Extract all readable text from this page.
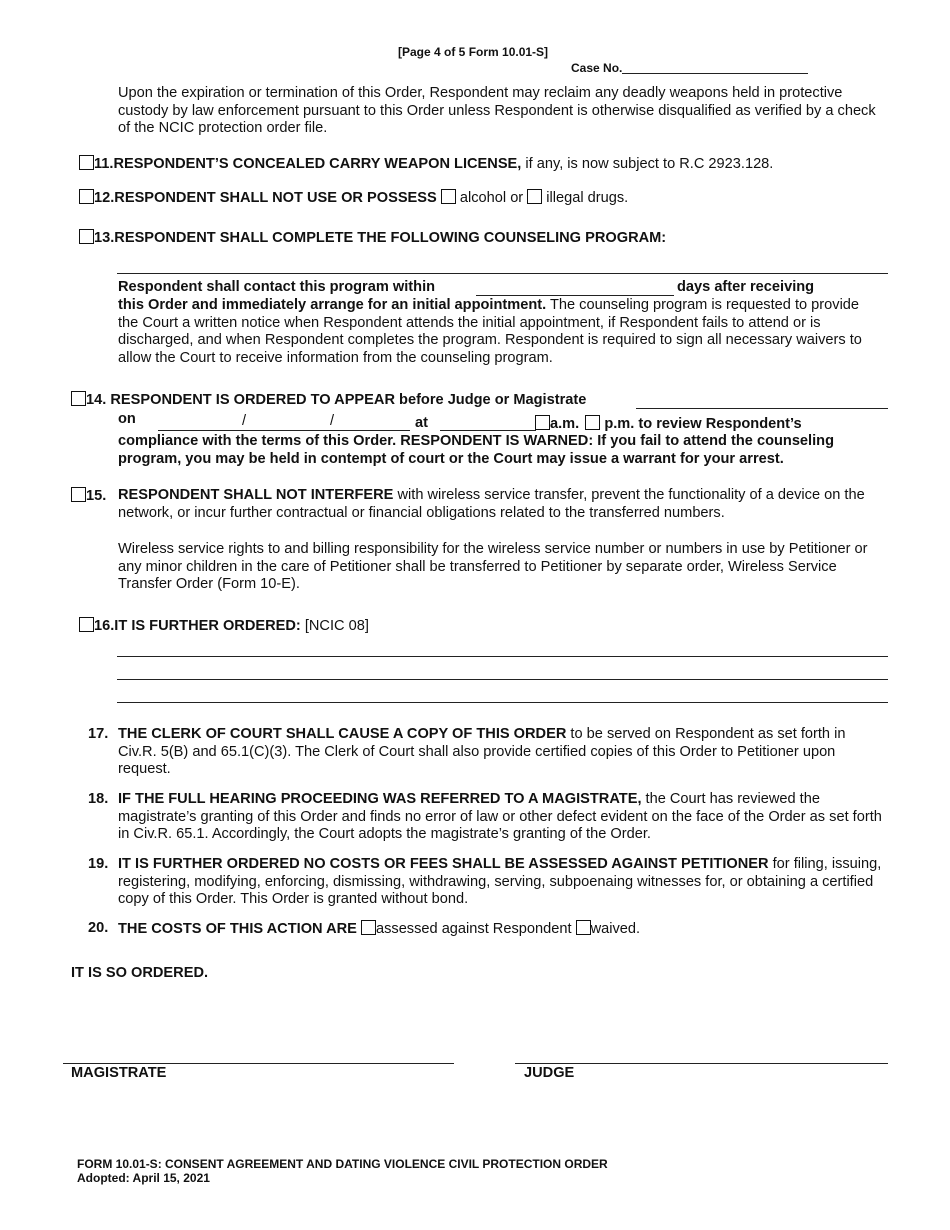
[Page 4 of 5 Form 10.01-S]
Case No.
Upon the expiration or termination of this Order, Respondent may reclaim any deadly weapons held in protective custody by law enforcement pursuant to this Order unless Respondent is otherwise disqualified as verified by a check of the NCIC protection order file.
11.RESPONDENT’S CONCEALED CARRY WEAPON LICENSE, if any, is now subject to R.C 2923.128.
12.RESPONDENT SHALL NOT USE OR POSSESS alcohol or illegal drugs.
13.RESPONDENT SHALL COMPLETE THE FOLLOWING COUNSELING PROGRAM:
Respondent shall contact this program within	days after receiving
this Order and immediately arrange for an initial appointment. The counseling program is requested to provide the Court a written notice when Respondent attends the initial appointment, if Respondent fails to attend or is discharged, and when Respondent completes the program. Respondent is required to sign all necessary waivers to allow the Court to receive information from the counseling program.
14. RESPONDENT IS ORDERED TO APPEAR before Judge or Magistrate
on	/	/	at	a.m. p.m. to review Respondent’s
compliance with the terms of this Order. RESPONDENT IS WARNED: If you fail to attend the counseling program, you may be held in contempt of court or the Court may issue a warrant for your arrest.
15. RESPONDENT SHALL NOT INTERFERE with wireless service transfer, prevent the functionality of a device on the network, or incur further contractual or financial obligations related to the transferred numbers.
Wireless service rights to and billing responsibility for the wireless service number or numbers in use by Petitioner or any minor children in the care of Petitioner shall be transferred to Petitioner by separate order, Wireless Service Transfer Order (Form 10-E).
16.IT IS FURTHER ORDERED: [NCIC 08]
17. THE CLERK OF COURT SHALL CAUSE A COPY OF THIS ORDER to be served on Respondent as set forth in Civ.R. 5(B) and 65.1(C)(3). The Clerk of Court shall also provide certified copies of this Order to Petitioner upon request.
18. IF THE FULL HEARING PROCEEDING WAS REFERRED TO A MAGISTRATE, the Court has reviewed the magistrate’s granting of this Order and finds no error of law or other defect evident on the face of the Order as set forth in Civ.R. 65.1. Accordingly, the Court adopts the magistrate’s granting of the Order.
19. IT IS FURTHER ORDERED NO COSTS OR FEES SHALL BE ASSESSED AGAINST PETITIONER for filing, issuing, registering, modifying, enforcing, dismissing, withdrawing, serving, subpoenaing witnesses for, or obtaining a certified copy of this Order. This Order is granted without bond.
20. THE COSTS OF THIS ACTION ARE assessed against Respondent waived.
IT IS SO ORDERED.
MAGISTRATE	JUDGE
FORM 10.01-S: CONSENT AGREEMENT AND DATING VIOLENCE CIVIL PROTECTION ORDER
Adopted: April 15, 2021
